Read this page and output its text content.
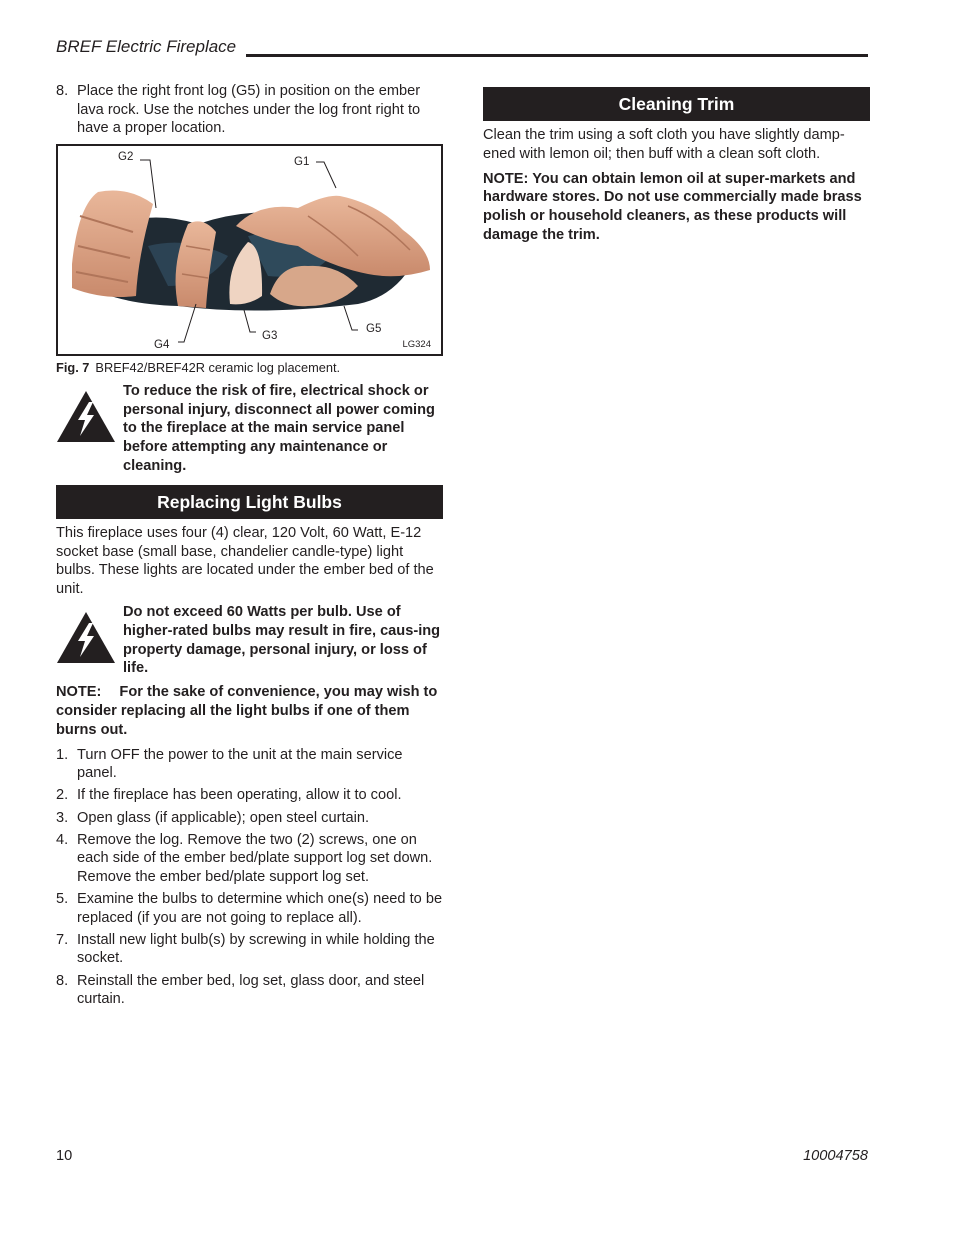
BREF Electric Fireplace
8. Place the right front log (G5) in position on the ember lava rock. Use the notches under the log front right to have a proper location.
G2	G1
G4
G3
G5
LG324
Fig. 7 BREF42/BREF42R ceramic log placement.
To reduce the risk of fire, electrical shock or personal injury, disconnect all power coming to the fireplace at the main service panel before attempting any maintenance or cleaning.
Replacing Light Bulbs

This fireplace uses four (4) clear, 120 Volt, 60 Watt, E-12 socket base (small base, chandelier candle-type) light bulbs. These lights are located under the ember bed of the unit.

Do not exceed 60 Watts per bulb. Use of higher-rated bulbs may result in fire, caus-ing property damage, personal injury, or loss of life.

NOTE: For the sake of convenience, you may wish to consider replacing all the light bulbs if one of them burns out.

1. Turn OFF the power to the unit at the main service panel.
2. If the fireplace has been operating, allow it to cool.
3. Open glass (if applicable); open steel curtain.
4. Remove the log. Remove the two (2) screws, one on each side of the ember bed/plate support log set down. Remove the ember bed/plate support log set.
5. Examine the bulbs to determine which one(s) need to be replaced (if you are not going to replace all).
7. Install new light bulb(s) by screwing in while holding the socket.
8. Reinstall the ember bed, log set, glass door, and steel curtain.
Cleaning Trim

Clean the trim using a soft cloth you have slightly damp-ened with lemon oil; then buff with a clean soft cloth.

NOTE: You can obtain lemon oil at super-markets and hardware stores. Do not use commercially made brass polish or household cleaners, as these products will damage the trim.

10	10004758
